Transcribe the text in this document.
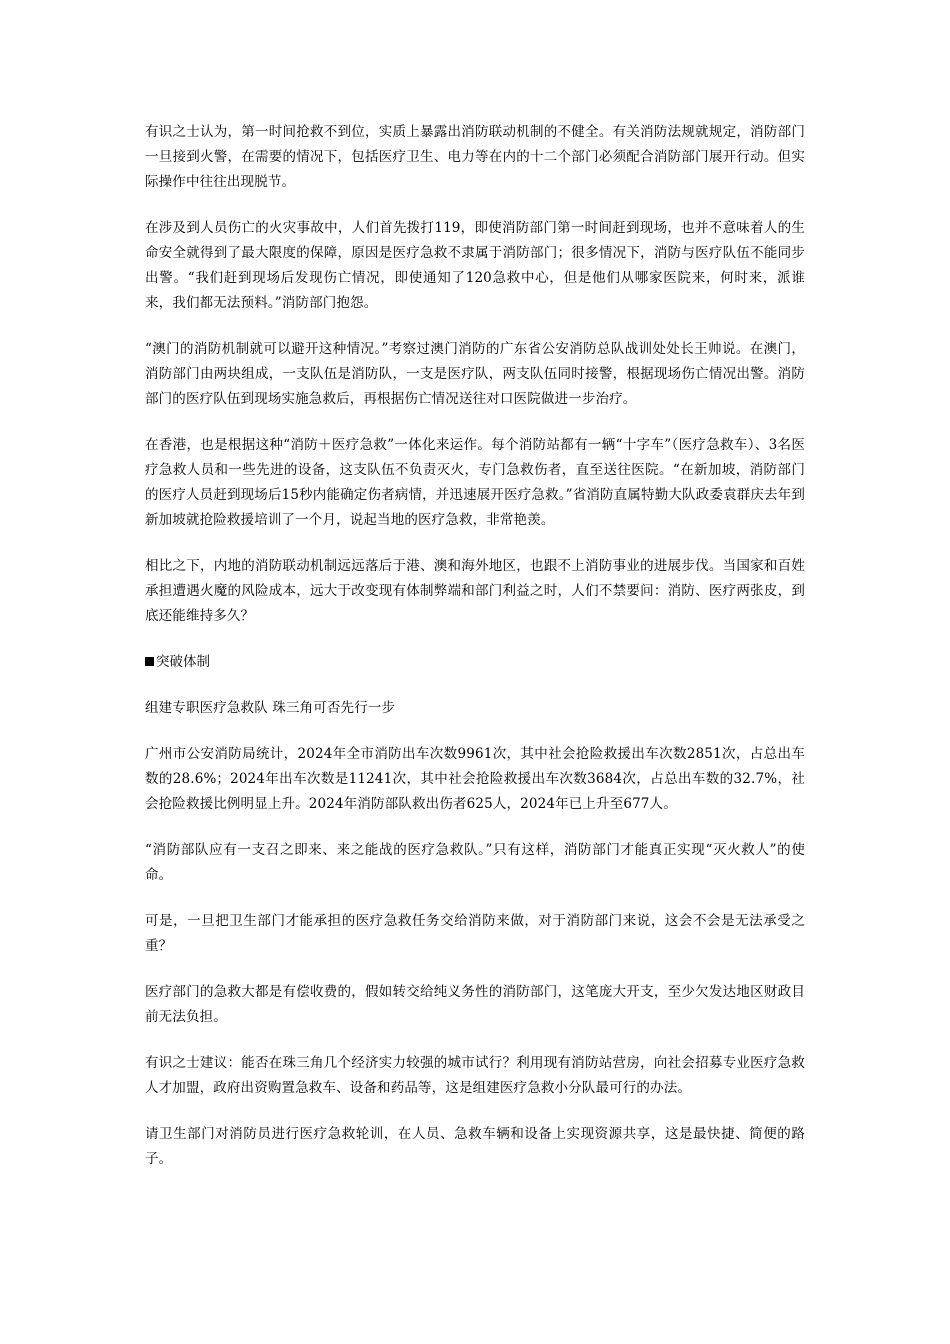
有识之士认为，第一时间抢救不到位，实质上暴露出消防联动机制的不健全。有关消防法规就规定，消防部门一旦接到火警，在需要的情况下，包括医疗卫生、电力等在内的十二个部门必须配合消防部门展开行动。但实际操作中往往出现脱节。

在涉及到人员伤亡的火灾事故中，人们首先拨打119，即使消防部门第一时间赶到现场，也并不意味着人的生命安全就得到了最大限度的保障，原因是医疗急救不隶属于消防部门；很多情况下，消防与医疗队伍不能同步出警。“我们赶到现场后发现伤亡情况，即使通知了120急救中心，但是他们从哪家医院来，何时来，派谁来，我们都无法预料。”消防部门抱怨。

“澳门的消防机制就可以避开这种情况。”考察过澳门消防的广东省公安消防总队战训处处长王帅说。在澳门，消防部门由两块组成，一支队伍是消防队，一支是医疗队，两支队伍同时接警，根据现场伤亡情况出警。消防部门的医疗队伍到现场实施急救后，再根据伤亡情况送往对口医院做进一步治疗。

在香港，也是根据这种“消防＋医疗急救”一体化来运作。每个消防站都有一辆“十字车”（医疗急救车）、3名医疗急救人员和一些先进的设备，这支队伍不负责灭火，专门急救伤者，直至送往医院。“在新加坡，消防部门的医疗人员赶到现场后15秒内能确定伤者病情，并迅速展开医疗急救。”省消防直属特勤大队政委袁群庆去年到新加坡就抢险救援培训了一个月，说起当地的医疗急救，非常艳羡。

相比之下，内地的消防联动机制远远落后于港、澳和海外地区，也跟不上消防事业的进展步伐。当国家和百姓承担遭遇火魔的风险成本，远大于改变现有体制弊端和部门利益之时，人们不禁要问：消防、医疗两张皮，到底还能维持多久？

突破体制

组建专职医疗急救队 珠三角可否先行一步

广州市公安消防局统计，2024年全市消防出车次数9961次，其中社会抢险救援出车次数2851次，占总出车数的28.6%；2024年出车次数是11241次，其中社会抢险救援出车次数3684次，占总出车数的32.7%，社会抢险救援比例明显上升。2024年消防部队救出伤者625人，2024年已上升至677人。

“消防部队应有一支召之即来、来之能战的医疗急救队。”只有这样，消防部门才能真正实现“灭火救人”的使命。

可是，一旦把卫生部门才能承担的医疗急救任务交给消防来做，对于消防部门来说，这会不会是无法承受之重？

医疗部门的急救大都是有偿收费的，假如转交给纯义务性的消防部门，这笔庞大开支，至少欠发达地区财政目前无法负担。

有识之士建议：能否在珠三角几个经济实力较强的城市试行？利用现有消防站营房，向社会招募专业医疗急救人才加盟，政府出资购置急救车、设备和药品等，这是组建医疗急救小分队最可行的办法。

请卫生部门对消防员进行医疗急救轮训，在人员、急救车辆和设备上实现资源共享，这是最快捷、简便的路子。
